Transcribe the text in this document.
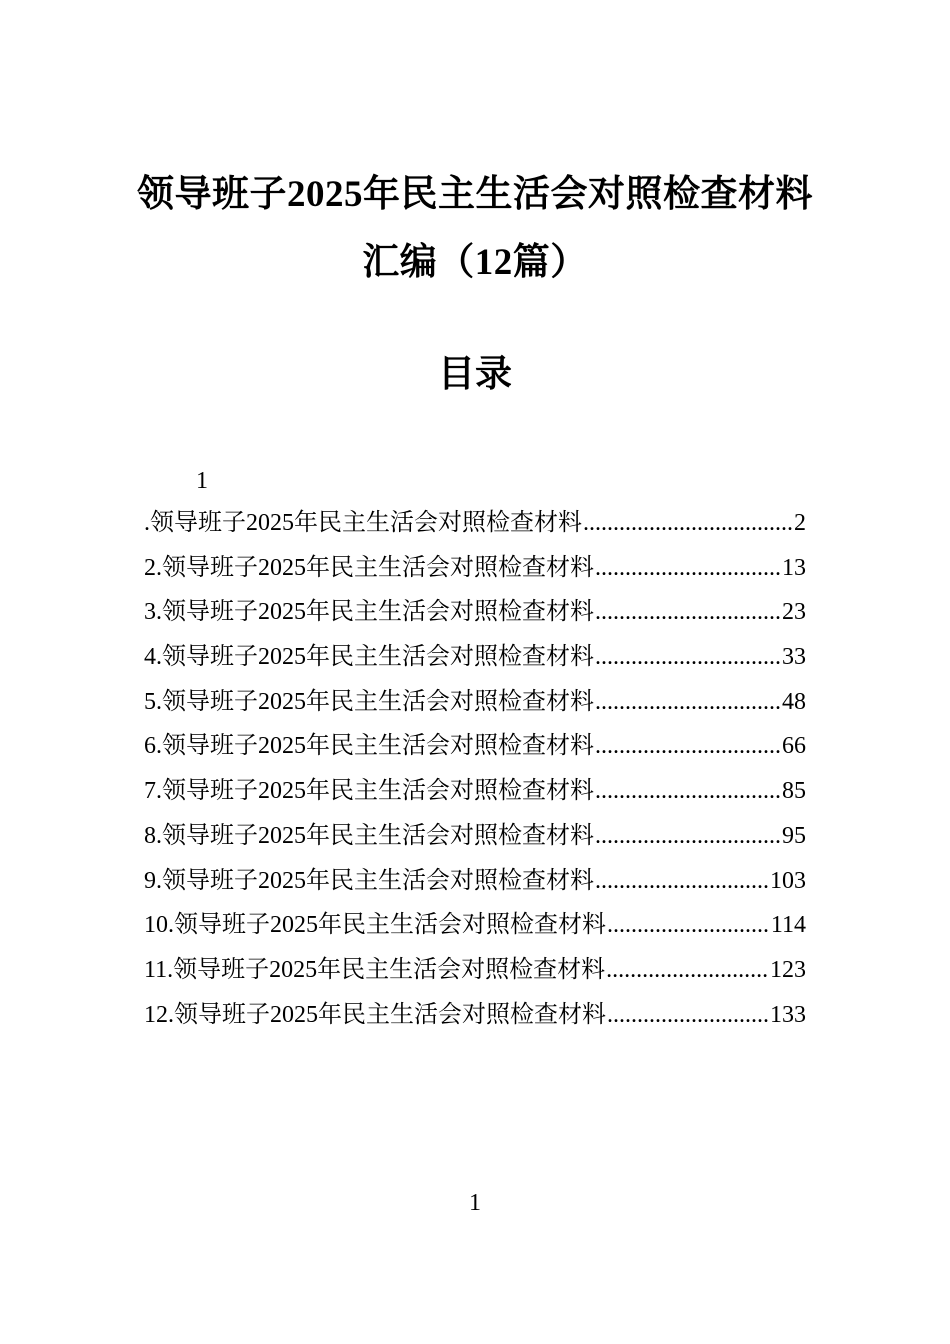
领导班子2025年民主生活会对照检查材料
汇编（12篇）
目录
1
.领导班子2025年民主生活会对照检查材料 .....	2
2.领导班子2025年民主生活会对照检查材料 .....	13
3.领导班子2025年民主生活会对照检查材料 .....	23
4.领导班子2025年民主生活会对照检查材料 .....	33
5.领导班子2025年民主生活会对照检查材料 .....	48
6.领导班子2025年民主生活会对照检查材料 .....	66
7.领导班子2025年民主生活会对照检查材料 .....	85
8.领导班子2025年民主生活会对照检查材料 .....	95
9.领导班子2025年民主生活会对照检查材料 .....	103
10.领导班子2025年民主生活会对照检查材料 .....	114
11.领导班子2025年民主生活会对照检查材料 .....	123
12.领导班子2025年民主生活会对照检查材料 .....	133
1
